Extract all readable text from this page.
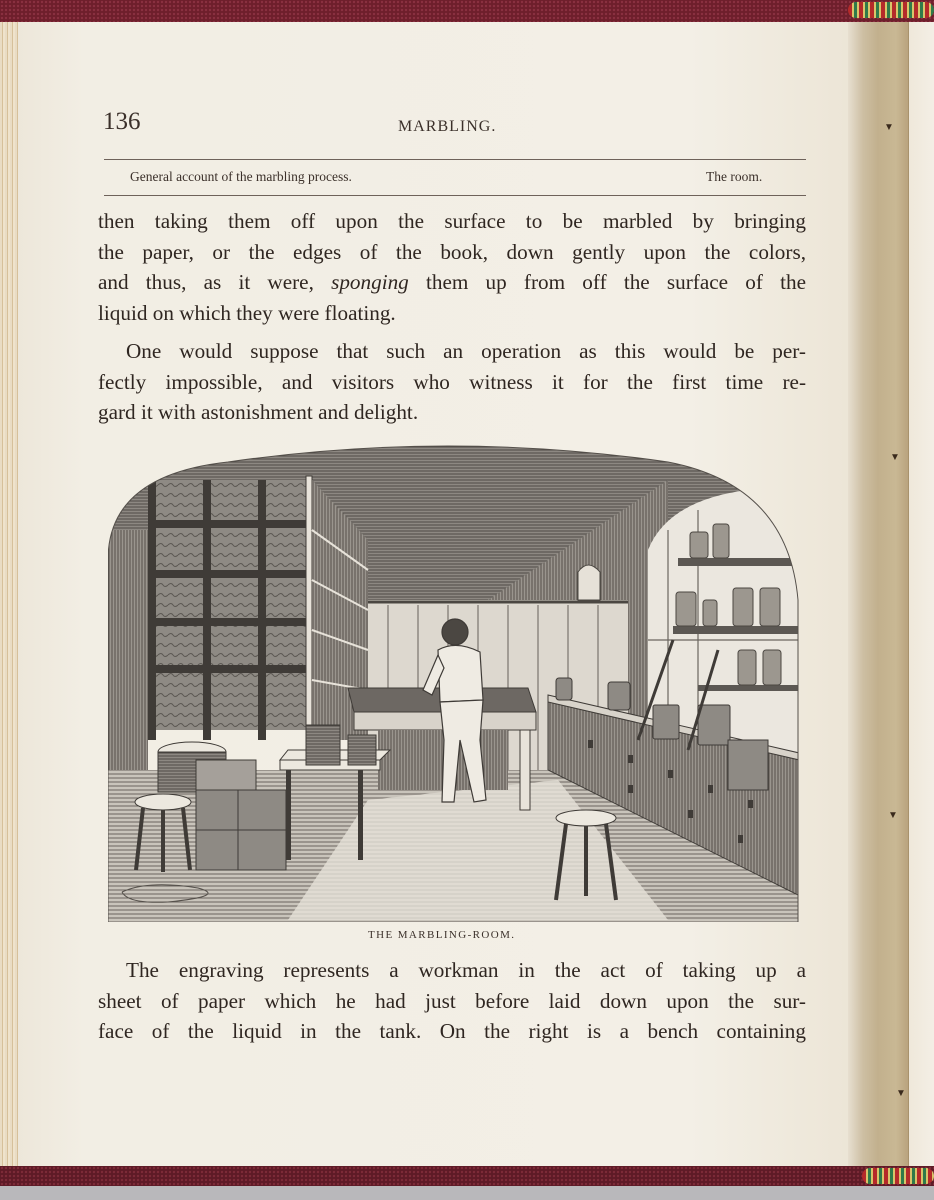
▼
▼
▼
▼
136	MARBLING.
General account of the marbling process.	The room.
then taking them off upon the surface to be marbled by bringing
the paper, or the edges of the book, down gently upon the colors,
and thus, as it were, sponging them up from off the surface of the
liquid on which they were floating.
One would suppose that such an operation as this would be per-
fectly impossible, and visitors who witness it for the first time re-
gard it with astonishment and delight.
THE MARBLING-ROOM.
The engraving represents a workman in the act of taking up a
sheet of paper which he had just before laid down upon the sur-
face of the liquid in the tank. On the right is a bench containing
